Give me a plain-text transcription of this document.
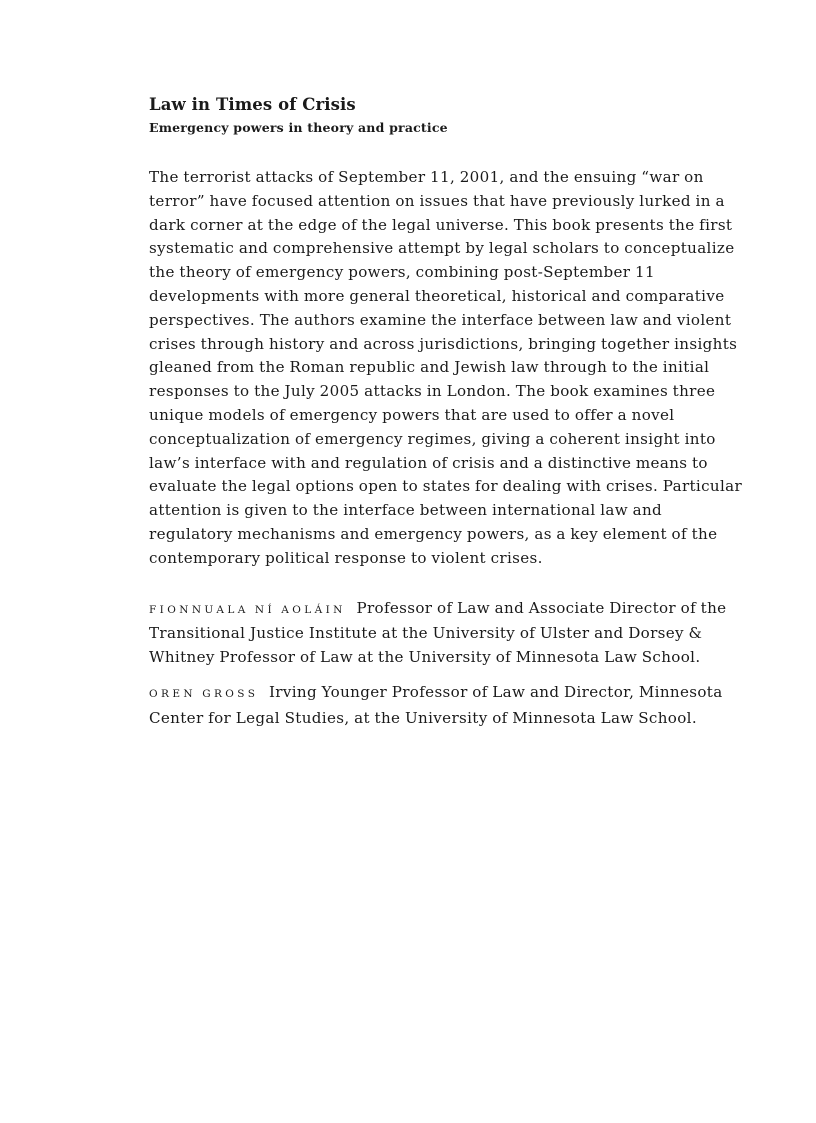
Law in Times of Crisis
Emergency powers in theory and practice

The terrorist attacks of September 11, 2001, and the ensuing “war on terror” have focused attention on issues that have previously lurked in a dark corner at the edge of the legal universe. This book presents the first systematic and comprehensive attempt by legal scholars to conceptualize the theory of emergency powers, combining post-September 11 developments with more general theoretical, historical and comparative perspectives. The authors examine the interface between law and violent crises through history and across jurisdictions, bringing together insights gleaned from the Roman republic and Jewish law through to the initial responses to the July 2005 attacks in London. The book examines three unique models of emergency powers that are used to offer a novel conceptualization of emergency regimes, giving a coherent insight into law’s interface with and regulation of crisis and a distinctive means to evaluate the legal options open to states for dealing with crises. Particular attention is given to the interface between international law and regulatory mechanisms and emergency powers, as a key element of the contemporary political response to violent crises.

FIONNUALA NÍ AOLÁIN Professor of Law and Associate Director of the Transitional Justice Institute at the University of Ulster and Dorsey & Whitney Professor of Law at the University of Minnesota Law School.

OREN GROSS Irving Younger Professor of Law and Director, Minnesota Center for Legal Studies, at the University of Minnesota Law School.
